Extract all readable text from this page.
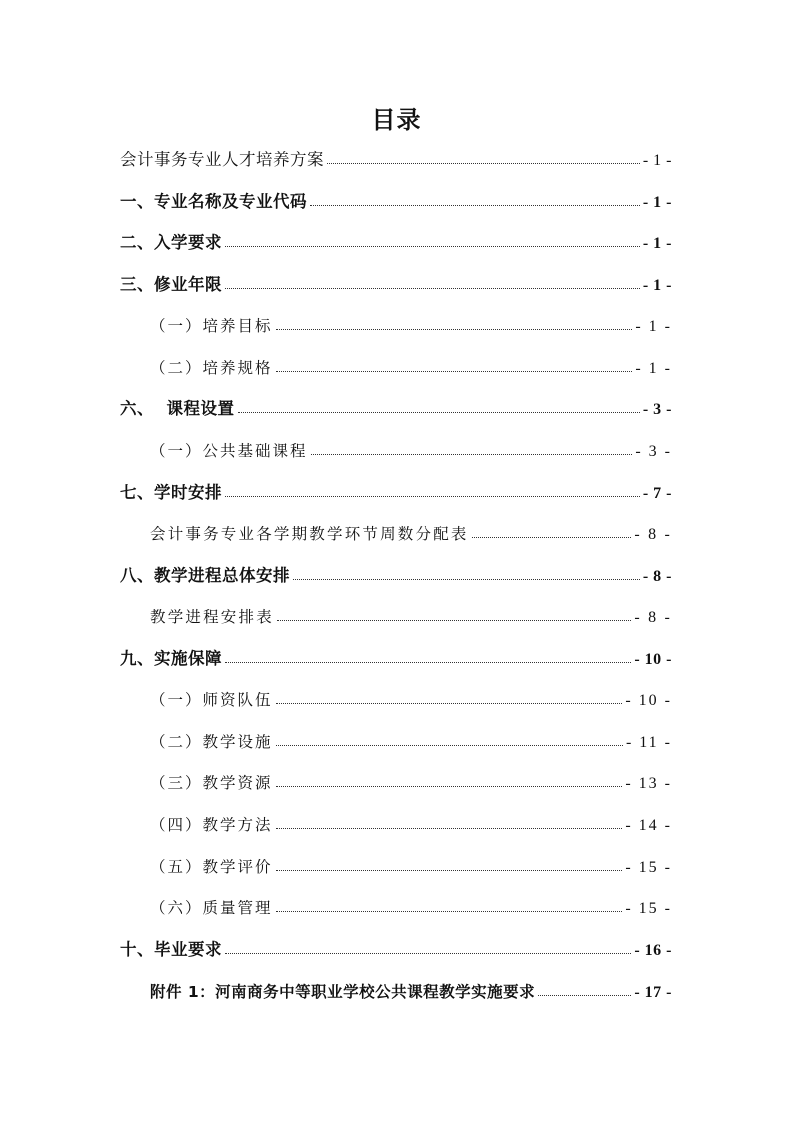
目录
会计事务专业人才培养方案	- 1 -
一、专业名称及专业代码	- 1 -
二、入学要求	- 1 -
三、修业年限	- 1 -
（一）培养目标	- 1 -
（二）培养规格	- 1 -
六、  课程设置	- 3 -
（一）公共基础课程	- 3 -
七、学时安排	- 7 -
会计事务专业各学期教学环节周数分配表	- 8 -
八、教学进程总体安排	- 8 -
教学进程安排表	- 8 -
九、实施保障	- 10 -
（一）师资队伍	- 10 -
（二）教学设施	- 11 -
（三）教学资源	- 13 -
（四）教学方法	- 14 -
（五）教学评价	- 15 -
（六）质量管理	- 15 -
十、毕业要求	- 16 -
附件 1：河南商务中等职业学校公共课程教学实施要求	- 17 -
